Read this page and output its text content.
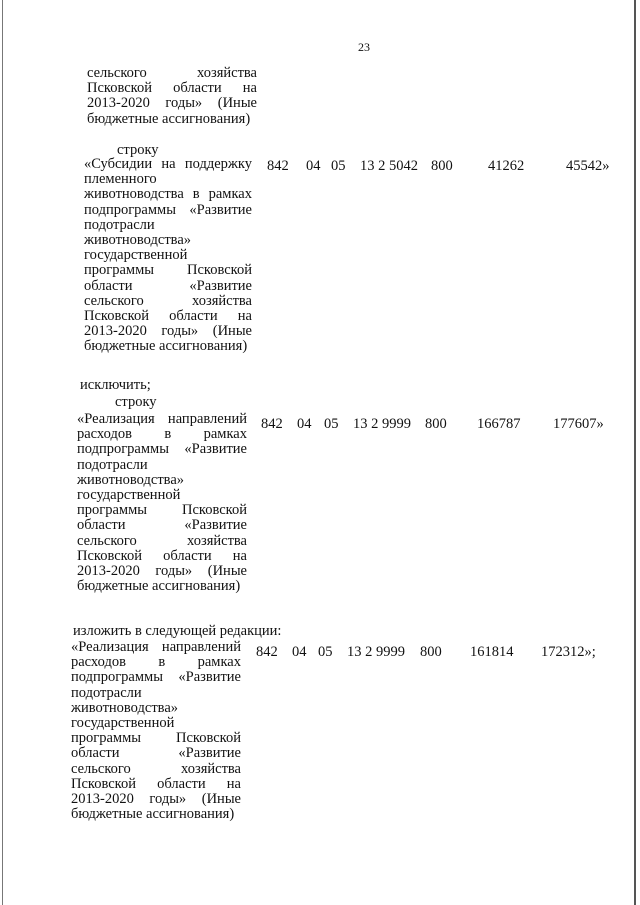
23
сельского хозяйства
Псковской области на
2013-2020 годы» (Иные
бюджетные ассигнования)
строку
«Субсидии на поддержку
племенного
животноводства в рамках
подпрограммы «Развитие
подотрасли
животноводства»
государственной
программы Псковской
области «Развитие
сельского хозяйства
Псковской области на
2013-2020 годы» (Иные
бюджетные ассигнования)
842 04 05 13 2 5042 800 41262	45542»
исключить;
строку
«Реализация направлений
расходов в рамках
подпрограммы «Развитие
подотрасли
животноводства»
государственной
программы Псковской
области «Развитие
сельского хозяйства
Псковской области на
2013-2020 годы» (Иные
бюджетные ассигнования)
842 04 05 13 2 9999 800 166787 177607»
изложить в следующей редакции:
«Реализация направлений
расходов в рамках
подпрограммы «Развитие
подотрасли
животноводства»
государственной
программы Псковской
области «Развитие
сельского хозяйства
Псковской области на
2013-2020 годы» (Иные
бюджетные ассигнования)
842 04 05 13 2 9999 800 161814 172312»;
